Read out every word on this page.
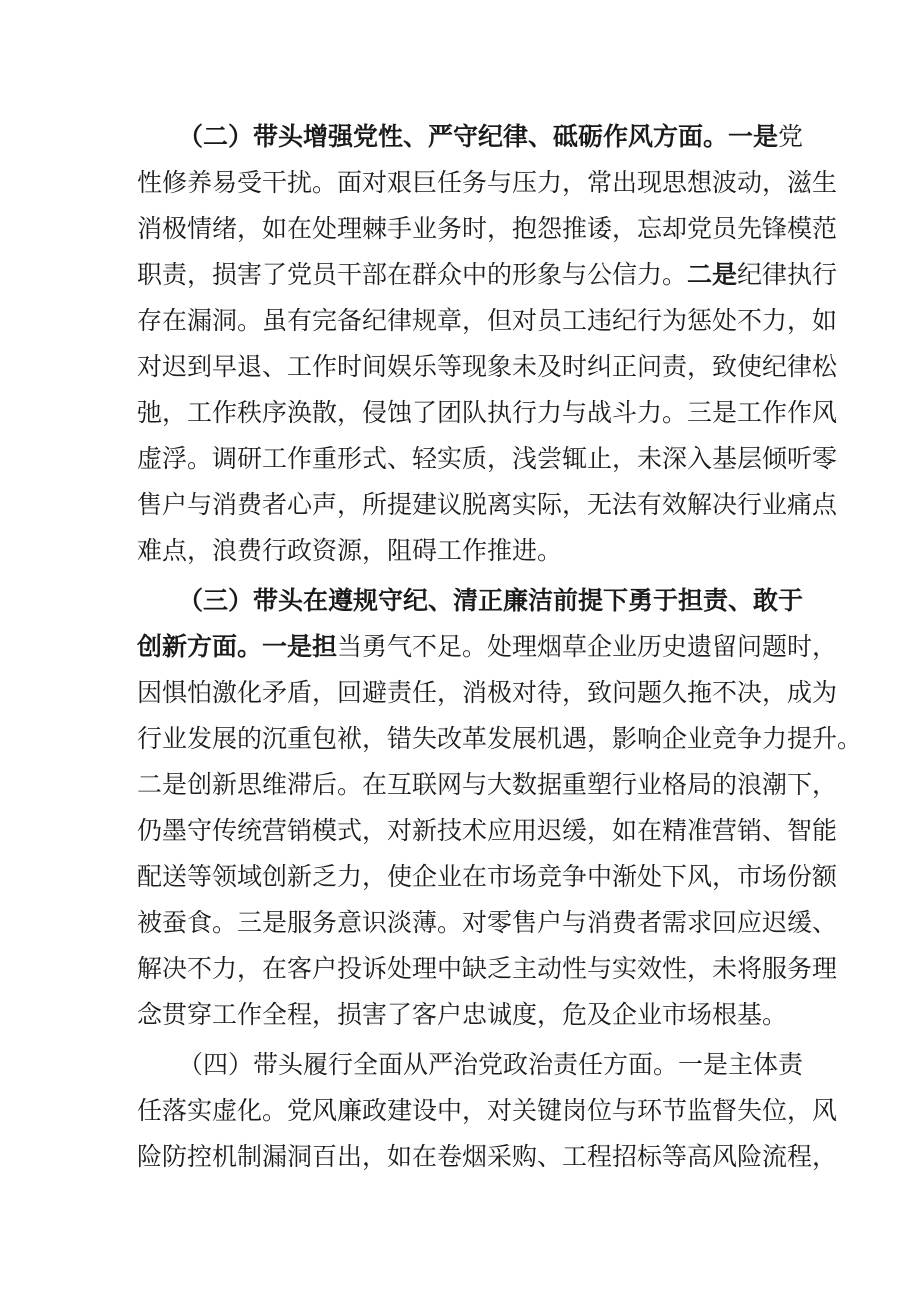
（二）带头增强党性、严守纪律、砥砺作风方面。一是党
性修养易受干扰。面对艰巨任务与压力，常出现思想波动，滋生
消极情绪，如在处理棘手业务时，抱怨推诿，忘却党员先锋模范
职责，损害了党员干部在群众中的形象与公信力。二是纪律执行
存在漏洞。虽有完备纪律规章，但对员工违纪行为惩处不力，如
对迟到早退、工作时间娱乐等现象未及时纠正问责，致使纪律松
弛，工作秩序涣散，侵蚀了团队执行力与战斗力。三是工作作风
虚浮。调研工作重形式、轻实质，浅尝辄止，未深入基层倾听零
售户与消费者心声，所提建议脱离实际，无法有效解决行业痛点
难点，浪费行政资源，阻碍工作推进。
（三）带头在遵规守纪、清正廉洁前提下勇于担责、敢于
创新方面。一是担当勇气不足。处理烟草企业历史遗留问题时，
因惧怕激化矛盾，回避责任，消极对待，致问题久拖不决，成为
行业发展的沉重包袱，错失改革发展机遇，影响企业竞争力提升。
二是创新思维滞后。在互联网与大数据重塑行业格局的浪潮下，
仍墨守传统营销模式，对新技术应用迟缓，如在精准营销、智能
配送等领域创新乏力，使企业在市场竞争中渐处下风，市场份额
被蚕食。三是服务意识淡薄。对零售户与消费者需求回应迟缓、
解决不力，在客户投诉处理中缺乏主动性与实效性，未将服务理
念贯穿工作全程，损害了客户忠诚度，危及企业市场根基。
（四）带头履行全面从严治党政治责任方面。一是主体责
任落实虚化。党风廉政建设中，对关键岗位与环节监督失位，风
险防控机制漏洞百出，如在卷烟采购、工程招标等高风险流程，
